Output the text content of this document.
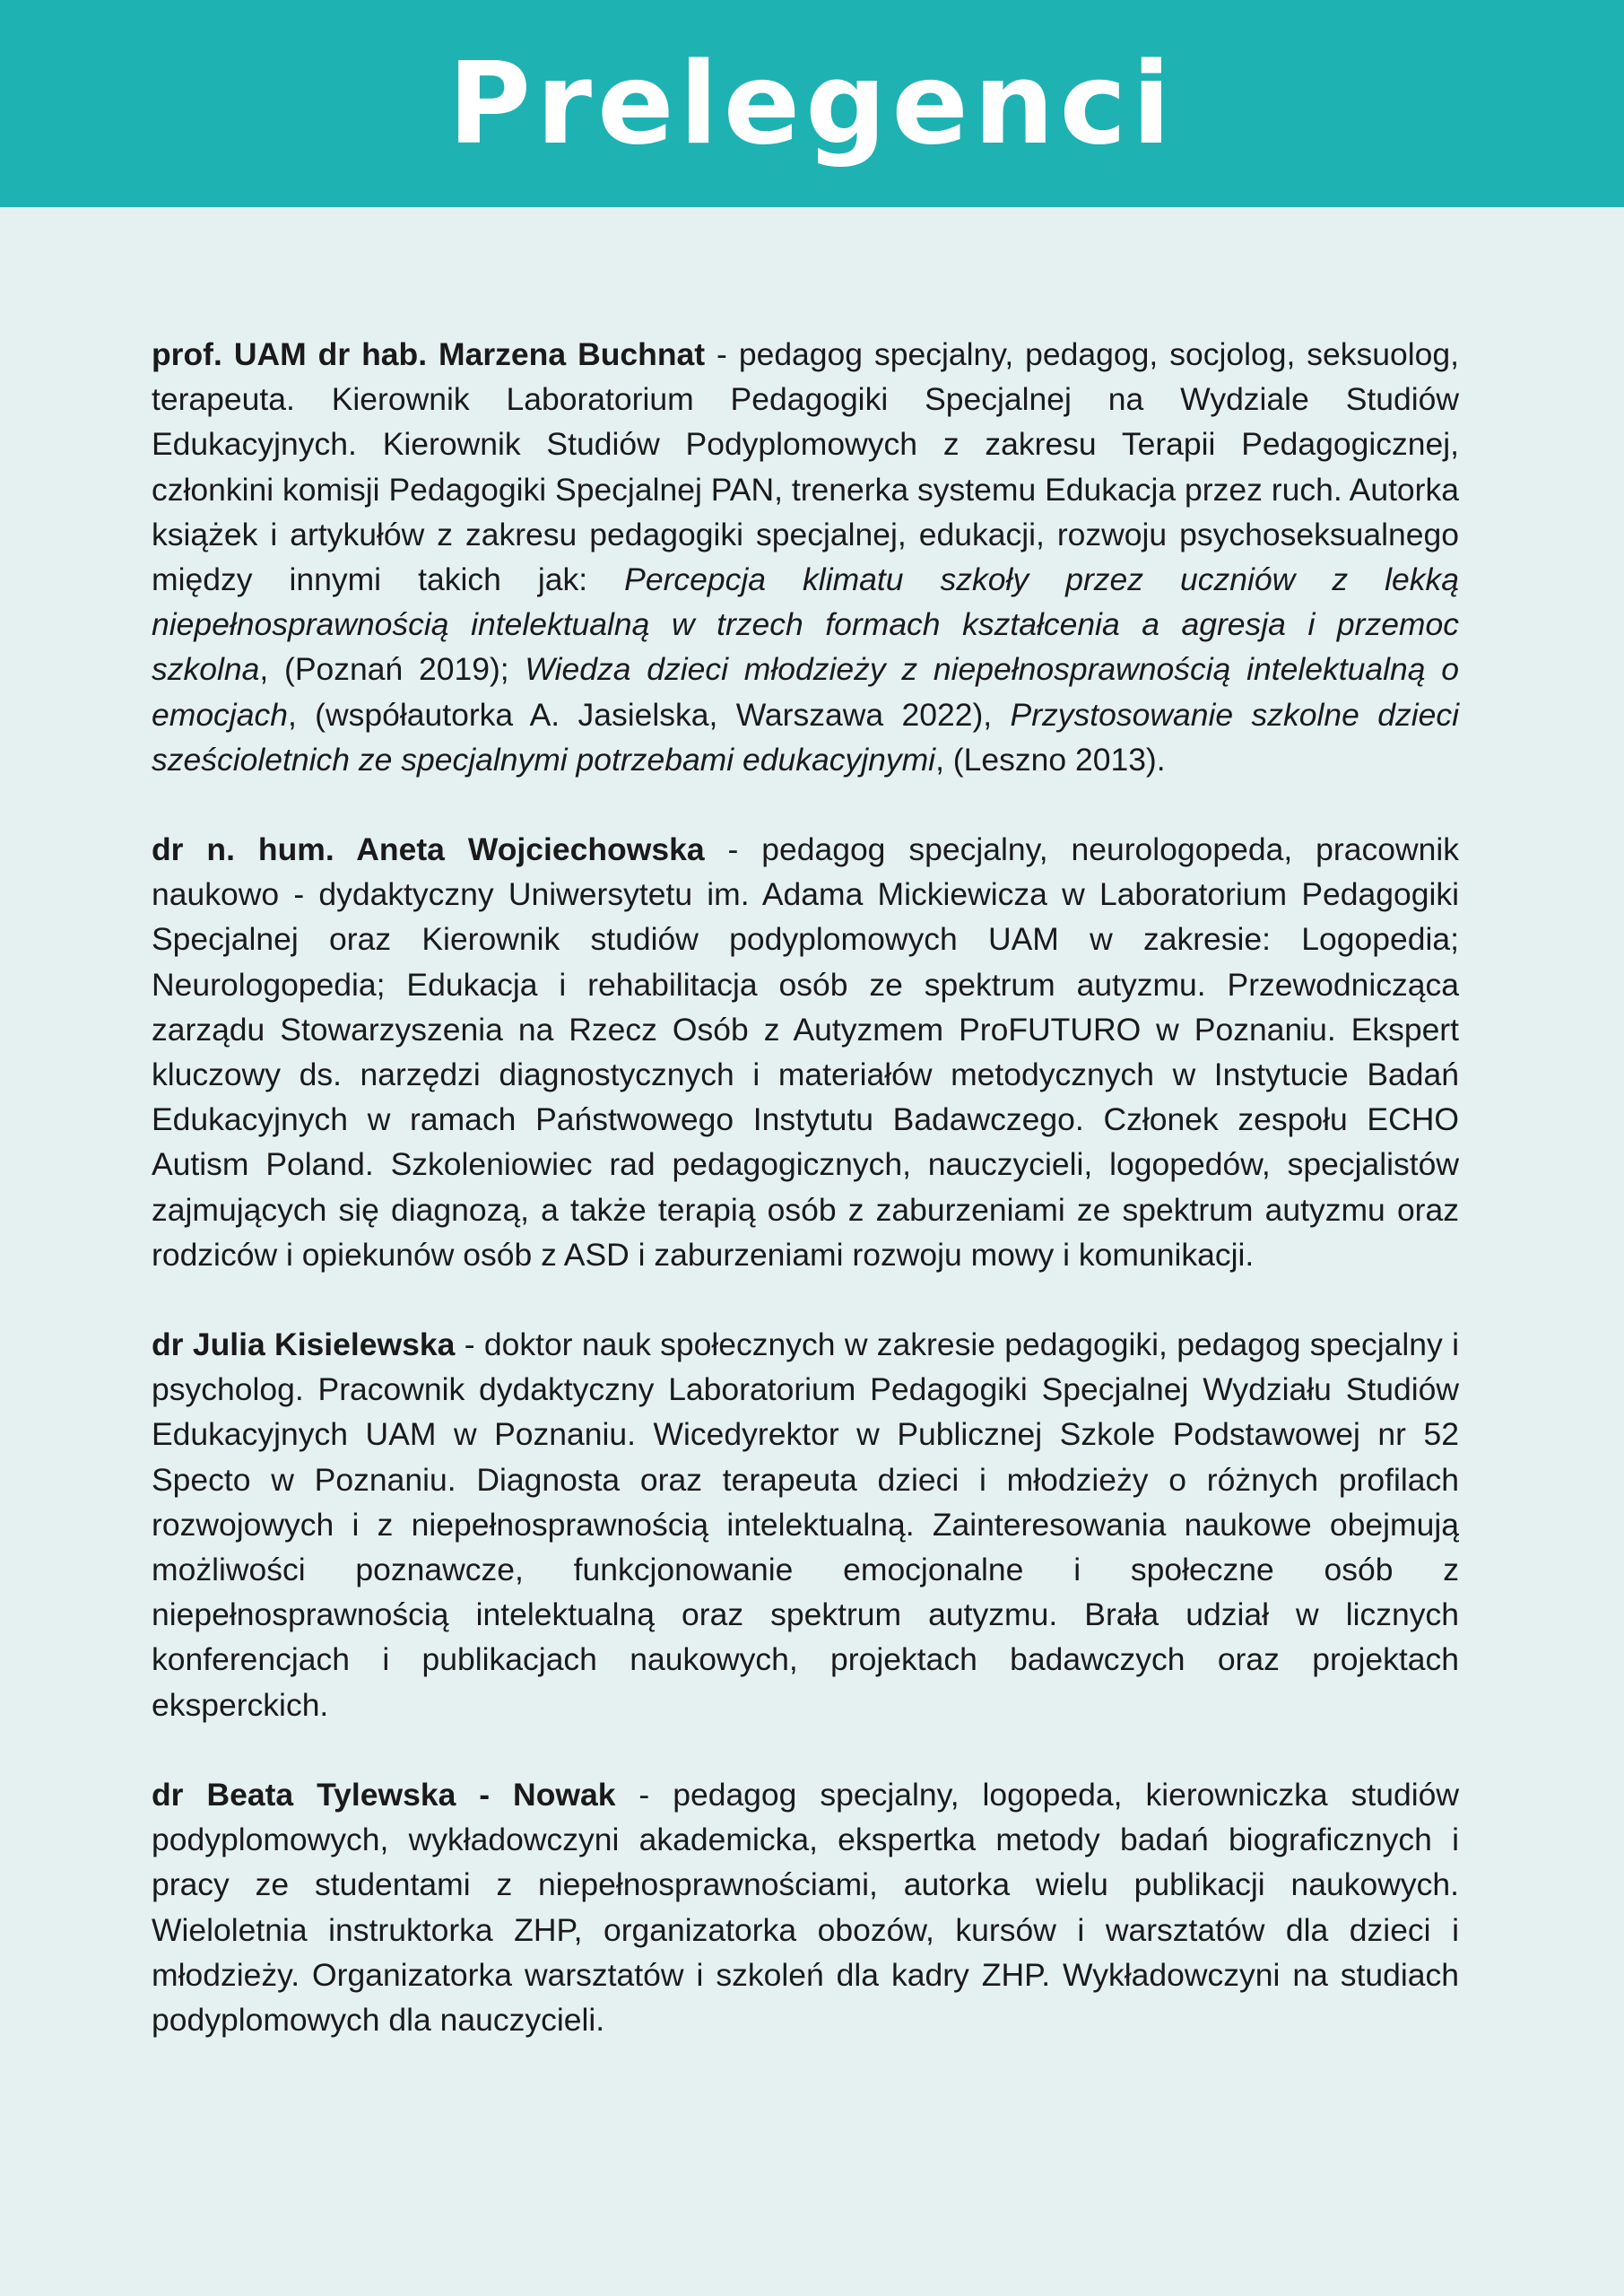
Prelegenci

prof. UAM dr hab. Marzena Buchnat - pedagog specjalny, pedagog, socjolog, seksuolog, terapeuta. Kierownik Laboratorium Pedagogiki Specjalnej na Wydziale Studiów Edukacyjnych. Kierownik Studiów Podyplomowych z zakresu Terapii Pedagogicznej, członkini komisji Pedagogiki Specjalnej PAN, trenerka systemu Edukacja przez ruch. Autorka książek i artykułów z zakresu pedagogiki specjalnej, edukacji, rozwoju psychoseksualnego między innymi takich jak: Percepcja klimatu szkoły przez uczniów z lekką niepełnosprawnością intelektualną w trzech formach kształcenia a agresja i przemoc szkolna, (Poznań 2019); Wiedza dzieci młodzieży z niepełnosprawnością intelektualną o emocjach, (współautorka A. Jasielska, Warszawa 2022), Przystosowanie szkolne dzieci sześcioletnich ze specjalnymi potrzebami edukacyjnymi, (Leszno 2013).

dr n. hum. Aneta Wojciechowska - pedagog specjalny, neurologopeda, pracownik naukowo - dydaktyczny Uniwersytetu im. Adama Mickiewicza w Laboratorium Pedagogiki Specjalnej oraz Kierownik studiów podyplomowych UAM w zakresie: Logopedia; Neurologopedia; Edukacja i rehabilitacja osób ze spektrum autyzmu. Przewodnicząca zarządu Stowarzyszenia na Rzecz Osób z Autyzmem ProFUTURO w Poznaniu. Ekspert kluczowy ds. narzędzi diagnostycznych i materiałów metodycznych w Instytucie Badań Edukacyjnych w ramach Państwowego Instytutu Badawczego. Członek zespołu ECHO Autism Poland. Szkoleniowiec rad pedagogicznych, nauczycieli, logopedów, specjalistów zajmujących się diagnozą, a także terapią osób z zaburzeniami ze spektrum autyzmu oraz rodziców i opiekunów osób z ASD i zaburzeniami rozwoju mowy i komunikacji.

dr Julia Kisielewska - doktor nauk społecznych w zakresie pedagogiki, pedagog specjalny i psycholog. Pracownik dydaktyczny Laboratorium Pedagogiki Specjalnej Wydziału Studiów Edukacyjnych UAM w Poznaniu. Wicedyrektor w Publicznej Szkole Podstawowej nr 52 Specto w Poznaniu. Diagnosta oraz terapeuta dzieci i młodzieży o różnych profilach rozwojowych i z niepełnosprawnością intelektualną. Zainteresowania naukowe obejmują możliwości poznawcze, funkcjonowanie emocjonalne i społeczne osób z niepełnosprawnością intelektualną oraz spektrum autyzmu. Brała udział w licznych konferencjach i publikacjach naukowych, projektach badawczych oraz projektach eksperckich.

dr Beata Tylewska - Nowak - pedagog specjalny, logopeda, kierowniczka studiów podyplomowych, wykładowczyni akademicka, ekspertka metody badań biograficznych i pracy ze studentami z niepełnosprawnościami, autorka wielu publikacji naukowych. Wieloletnia instruktorka ZHP, organizatorka obozów, kursów i warsztatów dla dzieci i młodzieży. Organizatorka warsztatów i szkoleń dla kadry ZHP. Wykładowczyni na studiach podyplomowych dla nauczycieli.
